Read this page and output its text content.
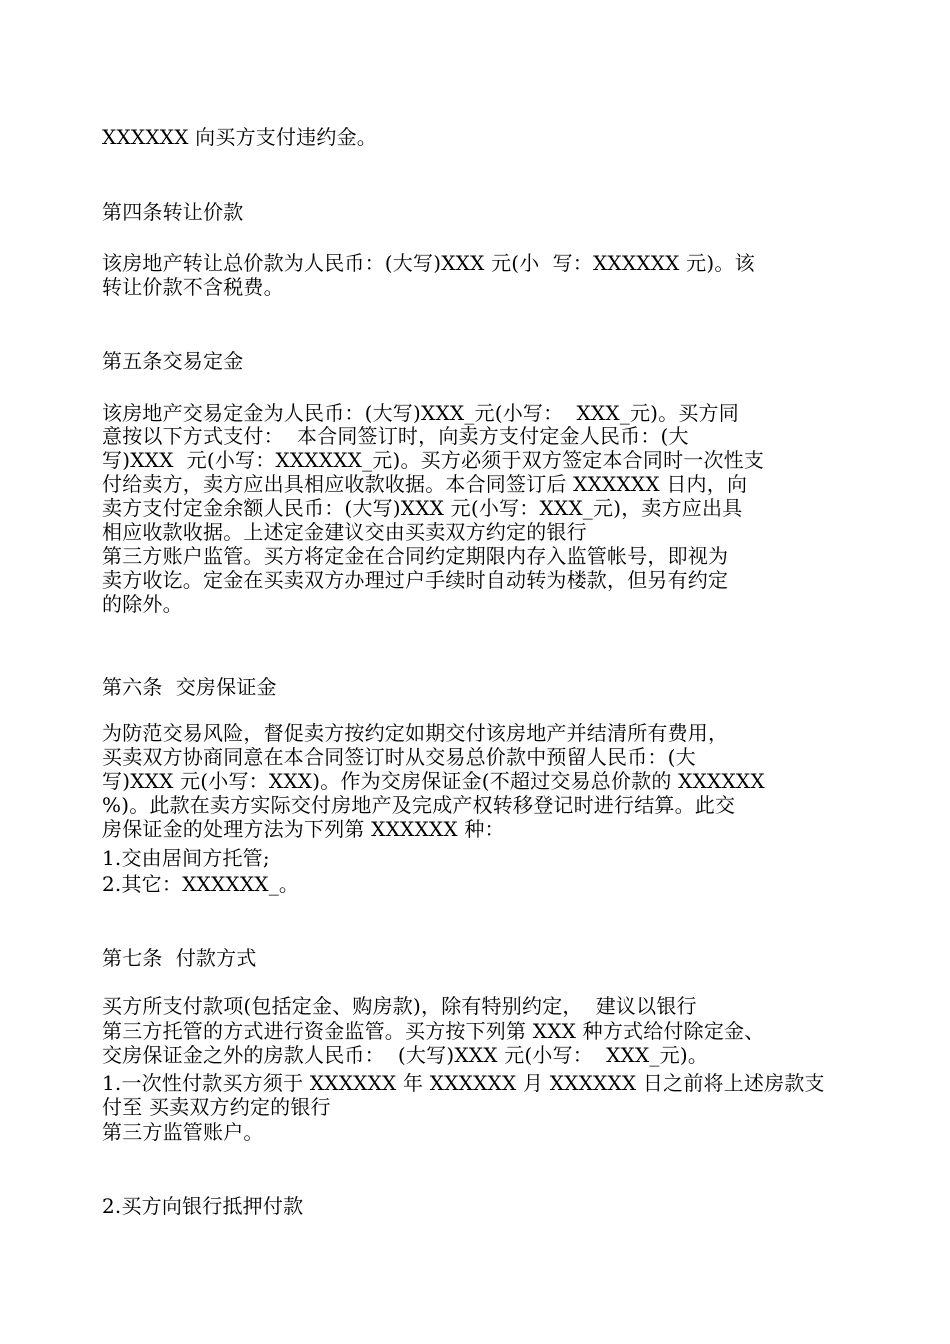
XXXXXX 向买方支付违约金。
第四条转让价款
该房地产转让总价款为人民币：(大写)XXX 元(小  写：XXXXXX 元)。该
转让价款不含税费。
第五条交易定金
该房地产交易定金为人民币：(大写)XXX_元(小写：  XXX_元)。买方同
意按以下方式支付：  本合同签订时，向卖方支付定金人民币：(大
写)XXX  元(小写：XXXXXX_元)。买方必须于双方签定本合同时一次性支
付给卖方，卖方应出具相应收款收据。本合同签订后 XXXXXX 日内，向
卖方支付定金余额人民币：(大写)XXX 元(小写：XXX_元)，卖方应出具
相应收款收据。上述定金建议交由买卖双方约定的银行
第三方账户监管。买方将定金在合同约定期限内存入监管帐号，即视为
卖方收讫。定金在买卖双方办理过户手续时自动转为楼款，但另有约定
的除外。
第六条  交房保证金
为防范交易风险，督促卖方按约定如期交付该房地产并结清所有费用，
买卖双方协商同意在本合同签订时从交易总价款中预留人民币：(大
写)XXX 元(小写：XXX)。作为交房保证金(不超过交易总价款的 XXXXXX
%)。此款在卖方实际交付房地产及完成产权转移登记时进行结算。此交
房保证金的处理方法为下列第 XXXXXX 种：
1.交由居间方托管;
2.其它：XXXXXX_。
第七条  付款方式
买方所支付款项(包括定金、购房款)，除有特别约定，  建议以银行
第三方托管的方式进行资金监管。买方按下列第 XXX 种方式给付除定金、
交房保证金之外的房款人民币：  (大写)XXX 元(小写：  XXX_元)。
1.一次性付款买方须于 XXXXXX 年 XXXXXX 月 XXXXXX 日之前将上述房款支
付至 买卖双方约定的银行
第三方监管账户。
2.买方向银行抵押付款
